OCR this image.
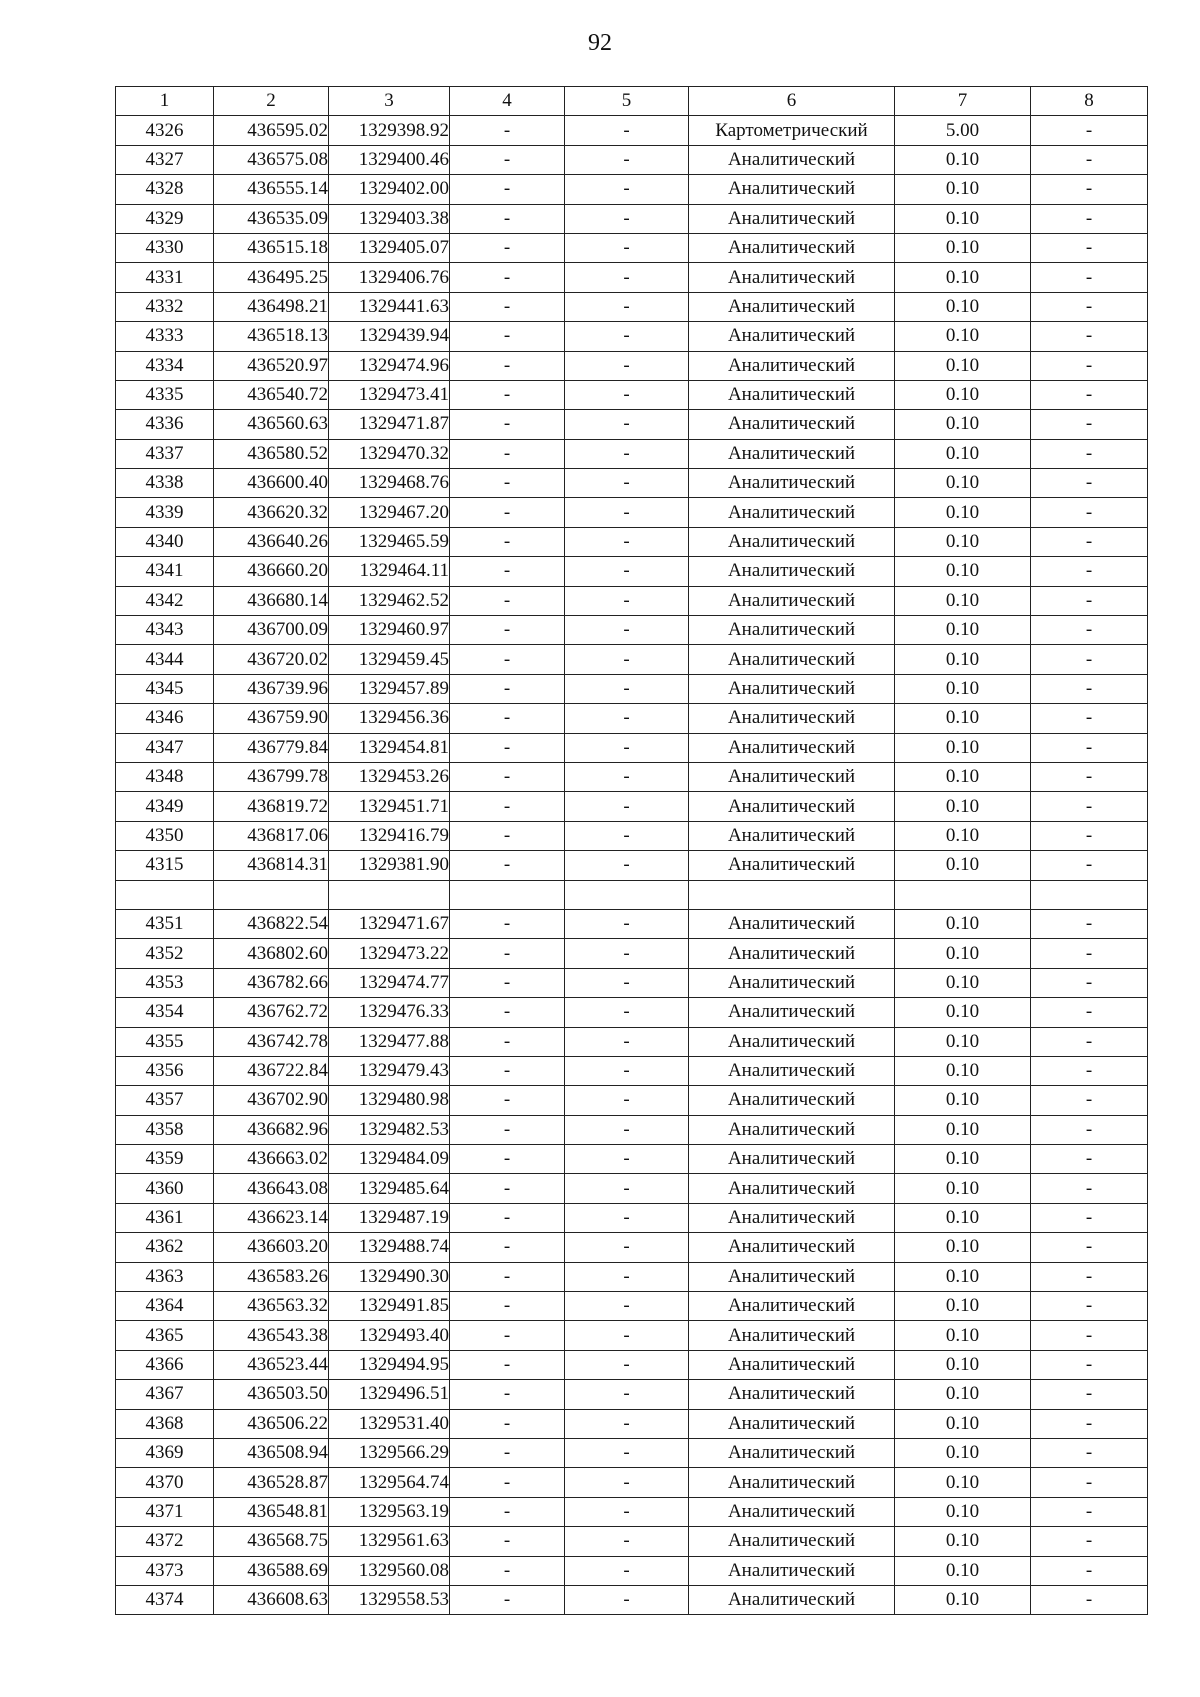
92
1	2	3	4	5	6	7	8
4326	436595.02	1329398.92	-	-	Картометрический	5.00	-
4327	436575.08	1329400.46	-	-	Аналитический	0.10	-
4328	436555.14	1329402.00	-	-	Аналитический	0.10	-
4329	436535.09	1329403.38	-	-	Аналитический	0.10	-
4330	436515.18	1329405.07	-	-	Аналитический	0.10	-
4331	436495.25	1329406.76	-	-	Аналитический	0.10	-
4332	436498.21	1329441.63	-	-	Аналитический	0.10	-
4333	436518.13	1329439.94	-	-	Аналитический	0.10	-
4334	436520.97	1329474.96	-	-	Аналитический	0.10	-
4335	436540.72	1329473.41	-	-	Аналитический	0.10	-
4336	436560.63	1329471.87	-	-	Аналитический	0.10	-
4337	436580.52	1329470.32	-	-	Аналитический	0.10	-
4338	436600.40	1329468.76	-	-	Аналитический	0.10	-
4339	436620.32	1329467.20	-	-	Аналитический	0.10	-
4340	436640.26	1329465.59	-	-	Аналитический	0.10	-
4341	436660.20	1329464.11	-	-	Аналитический	0.10	-
4342	436680.14	1329462.52	-	-	Аналитический	0.10	-
4343	436700.09	1329460.97	-	-	Аналитический	0.10	-
4344	436720.02	1329459.45	-	-	Аналитический	0.10	-
4345	436739.96	1329457.89	-	-	Аналитический	0.10	-
4346	436759.90	1329456.36	-	-	Аналитический	0.10	-
4347	436779.84	1329454.81	-	-	Аналитический	0.10	-
4348	436799.78	1329453.26	-	-	Аналитический	0.10	-
4349	436819.72	1329451.71	-	-	Аналитический	0.10	-
4350	436817.06	1329416.79	-	-	Аналитический	0.10	-
4315	436814.31	1329381.90	-	-	Аналитический	0.10	-

4351	436822.54	1329471.67	-	-	Аналитический	0.10	-
4352	436802.60	1329473.22	-	-	Аналитический	0.10	-
4353	436782.66	1329474.77	-	-	Аналитический	0.10	-
4354	436762.72	1329476.33	-	-	Аналитический	0.10	-
4355	436742.78	1329477.88	-	-	Аналитический	0.10	-
4356	436722.84	1329479.43	-	-	Аналитический	0.10	-
4357	436702.90	1329480.98	-	-	Аналитический	0.10	-
4358	436682.96	1329482.53	-	-	Аналитический	0.10	-
4359	436663.02	1329484.09	-	-	Аналитический	0.10	-
4360	436643.08	1329485.64	-	-	Аналитический	0.10	-
4361	436623.14	1329487.19	-	-	Аналитический	0.10	-
4362	436603.20	1329488.74	-	-	Аналитический	0.10	-
4363	436583.26	1329490.30	-	-	Аналитический	0.10	-
4364	436563.32	1329491.85	-	-	Аналитический	0.10	-
4365	436543.38	1329493.40	-	-	Аналитический	0.10	-
4366	436523.44	1329494.95	-	-	Аналитический	0.10	-
4367	436503.50	1329496.51	-	-	Аналитический	0.10	-
4368	436506.22	1329531.40	-	-	Аналитический	0.10	-
4369	436508.94	1329566.29	-	-	Аналитический	0.10	-
4370	436528.87	1329564.74	-	-	Аналитический	0.10	-
4371	436548.81	1329563.19	-	-	Аналитический	0.10	-
4372	436568.75	1329561.63	-	-	Аналитический	0.10	-
4373	436588.69	1329560.08	-	-	Аналитический	0.10	-
4374	436608.63	1329558.53	-	-	Аналитический	0.10	-
